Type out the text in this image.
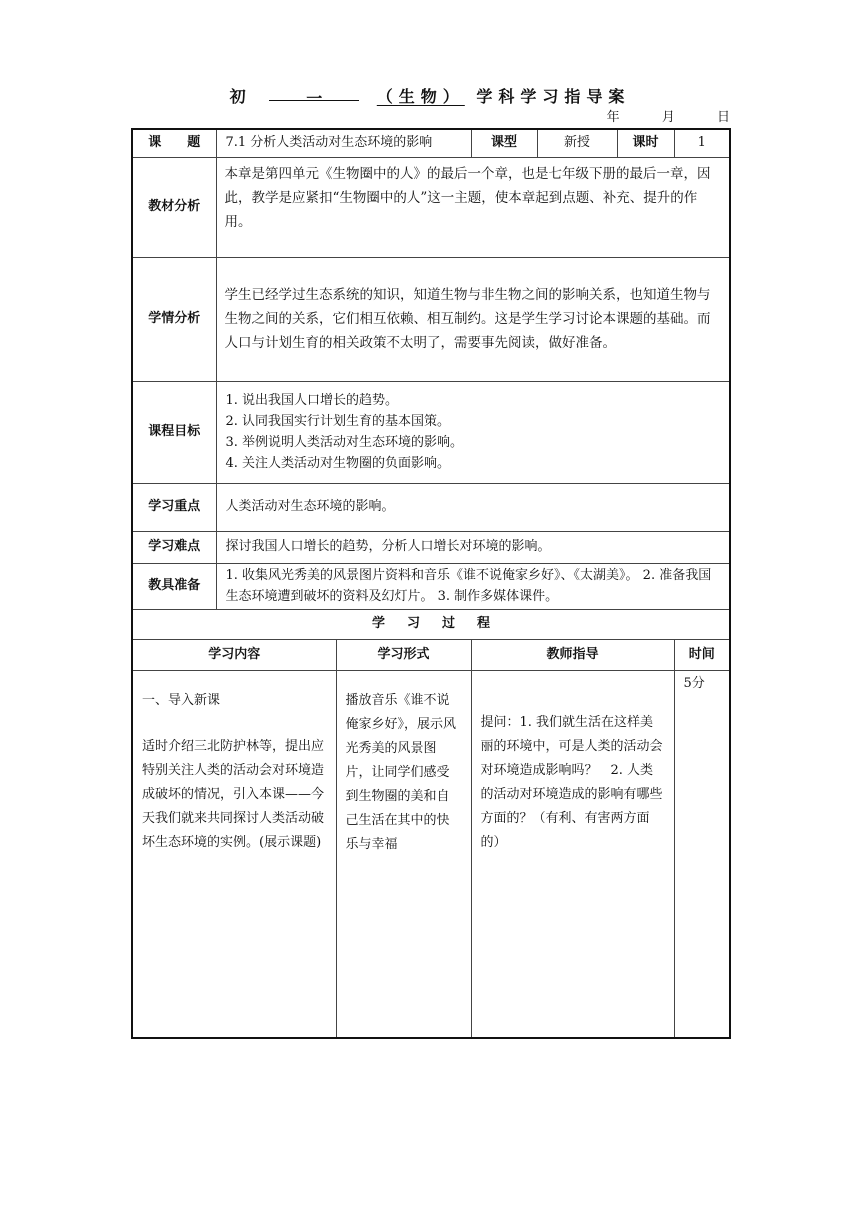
初	一	（生物） 学科学习指导案
年	月	日
课　　题	7.1 分析人类活动对生态环境的影响		课型	新授	课时	1
教材分析	本章是第四单元《生物圈中的人》的最后一个章，也是七年级下册的最后一章，因此，教学是应紧扣“生物圈中的人”这一主题，使本章起到点题、补充、提升的作用。					
学情分析	学生已经学过生态系统的知识，知道生物与非生物之间的影响关系，也知道生物与生物之间的关系，它们相互依赖、相互制约。这是学生学习讨论本课题的基础。而人口与计划生育的相关政策不太明了，需要事先阅读，做好准备。					
课程目标	1. 说出我国人口增长的趋势。
2. 认同我国实行计划生育的基本国策。
3. 举例说明人类活动对生态环境的影响。
4. 关注人类活动对生物圈的负面影响。					

学习重点	人类活动对生态环境的影响。					
学习难点	探讨我国人口增长的趋势，分析人口增长对环境的影响。					
教具准备	1. 收集风光秀美的风景图片资料和音乐《谁不说俺家乡好》、《太湖美》。 2. 准备我国生态环境遭到破坏的资料及幻灯片。 3. 制作多媒体课件。					
学习过程						
学习内容		学习形式	教师指导			时间

一、导入新课
适时介绍三北防护林等，提出应特别关注人类的活动会对环境造成破坏的情况，引入本课——今天我们就来共同探讨人类活动破坏生态环境的实例。(展示课题)		播放音乐《谁不说俺家乡好》，展示风光秀美的风景图片，让同学们感受到生物圈的美和自己生活在其中的快乐与幸福	提问：1. 我们就生活在这样美丽的环境中，可是人类的活动会对环境造成影响吗？　2. 人类的活动对环境造成的影响有哪些方面的？（有利、有害两方面的）			5分
